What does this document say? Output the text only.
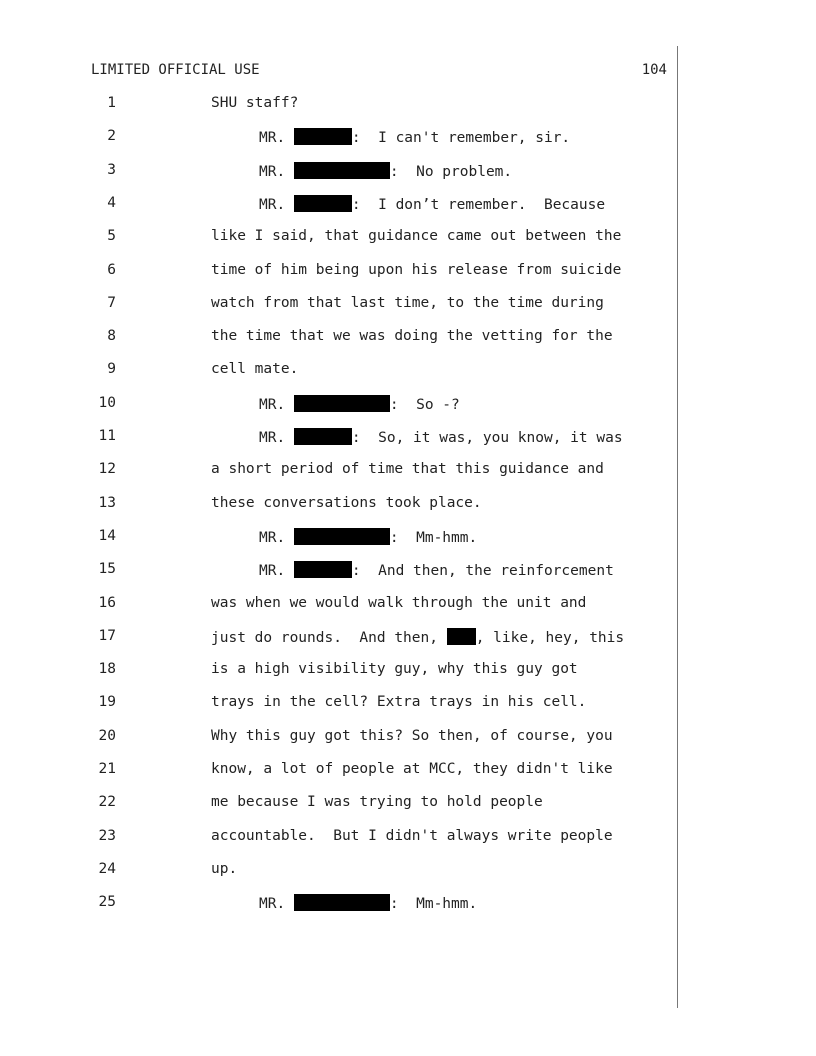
LIMITED OFFICIAL USE	104
1	SHU staff?
2	MR.	:  I can't remember, sir.
3	MR.	:  No problem.
4	MR.	:  I don’t remember.  Because
5	like I said, that guidance came out between the
6	time of him being upon his release from suicide
7	watch from that last time, to the time during
8	the time that we was doing the vetting for the
9	cell mate.
10	MR.	:  So -?
11	MR.	:  So, it was, you know, it was
12	a short period of time that this guidance and
13	these conversations took place.
14	MR.	:  Mm-hmm.
15	MR.	:  And then, the reinforcement
16	was when we would walk through the unit and
17	just do rounds.  And then, , like, hey, this
18	is a high visibility guy, why this guy got
19	trays in the cell? Extra trays in his cell.
20	Why this guy got this? So then, of course, you
21	know, a lot of people at MCC, they didn't like
22	me because I was trying to hold people
23	accountable.  But I didn't always write people
24	up.
25	MR.	:  Mm-hmm.
